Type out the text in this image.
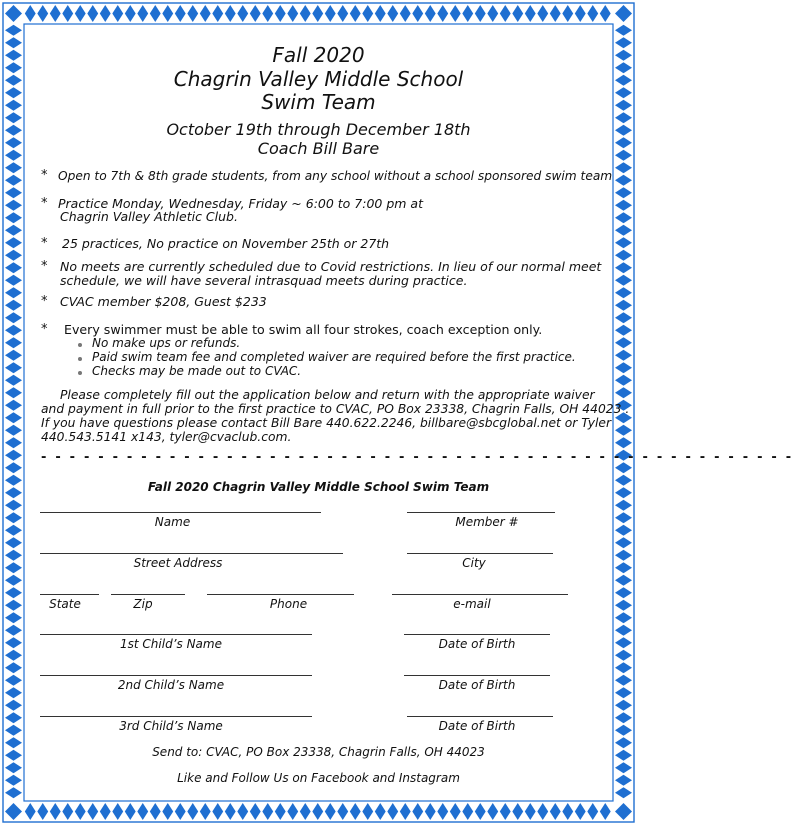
Fall 2020
Chagrin Valley Middle School
Swim Team
October 19th through December 18th
Coach Bill Bare
* Open to 7th & 8th grade students, from any school without a school sponsored swim team
* Practice Monday, Wednesday, Friday ~ 6:00 to 7:00 pm at
Chagrin Valley Athletic Club.
* 25 practices, No practice on November 25th or 27th
* No meets are currently scheduled due to Covid restrictions. In lieu of our normal meet
schedule, we will have several intrasquad meets during practice.
* CVAC member $208, Guest $233
* Every swimmer must be able to swim all four strokes, coach exception only.
No make ups or refunds.
Paid swim team fee and completed waiver are required before the first practice.
Checks may be made out to CVAC.
Please completely fill out the application below and return with the appropriate waiver
and payment in full prior to the first practice to CVAC, PO Box 23338, Chagrin Falls, OH 44023 .
If you have questions please contact Bill Bare 440.622.2246, billbare@sbcglobal.net or Tyler
440.543.5141 x143, tyler@cvaclub.com.
- - - - - - - - - - - - - - - - - - - - - - - - - - - - - - - - - - - - - - - - - - - - - - - - - - - - -
Fall 2020 Chagrin Valley Middle School Swim Team
Name	Member #
Street Address	City
State	Zip	Phone	e-mail
1st Child’s Name	Date of Birth
2nd Child’s Name	Date of Birth
3rd Child’s Name	Date of Birth
Send to: CVAC, PO Box 23338, Chagrin Falls, OH 44023
Like and Follow Us on Facebook and Instagram
